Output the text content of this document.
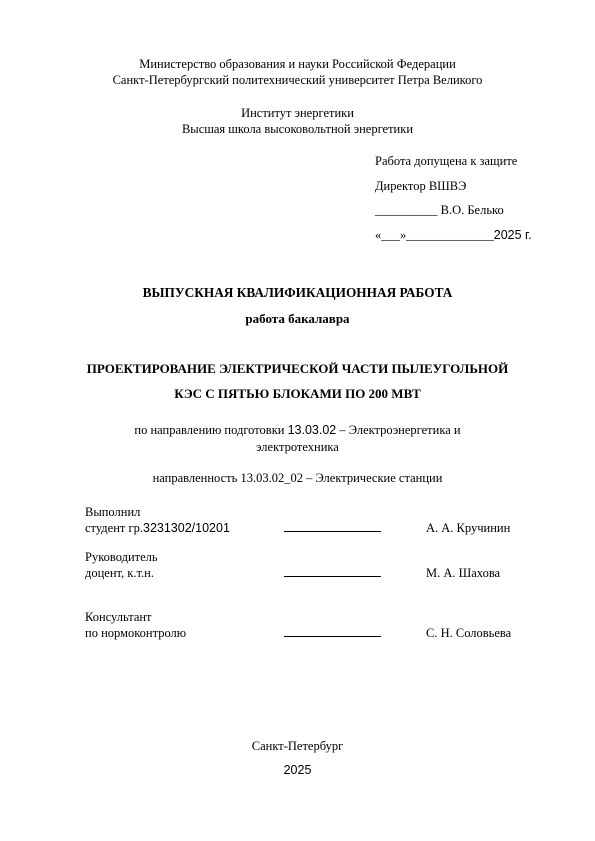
Министерство образования и науки Российской Федерации
Санкт-Петербургский политехнический университет Петра Великого
Институт энергетики
Высшая школа высоковольтной энергетики
Работа допущена к защите
Директор ВШВЭ
__________ В.О. Белько
«___»______________2025 г.
ВЫПУСКНАЯ КВАЛИФИКАЦИОННАЯ РАБОТА
работа бакалавра
ПРОЕКТИРОВАНИЕ ЭЛЕКТРИЧЕСКОЙ ЧАСТИ ПЫЛЕУГОЛЬНОЙ
КЭС С ПЯТЬЮ БЛОКАМИ ПО 200 МВТ
по направлению подготовки 13.03.02 – Электроэнергетика и
электротехника
направленность 13.03.02_02 – Электрические станции
Выполнил
студент гр.3231302/10201	А. А. Кручинин
Руководитель
доцент, к.т.н.	М. А. Шахова
Консультант
по нормоконтролю	С. Н. Соловьева
Санкт-Петербург
2025
